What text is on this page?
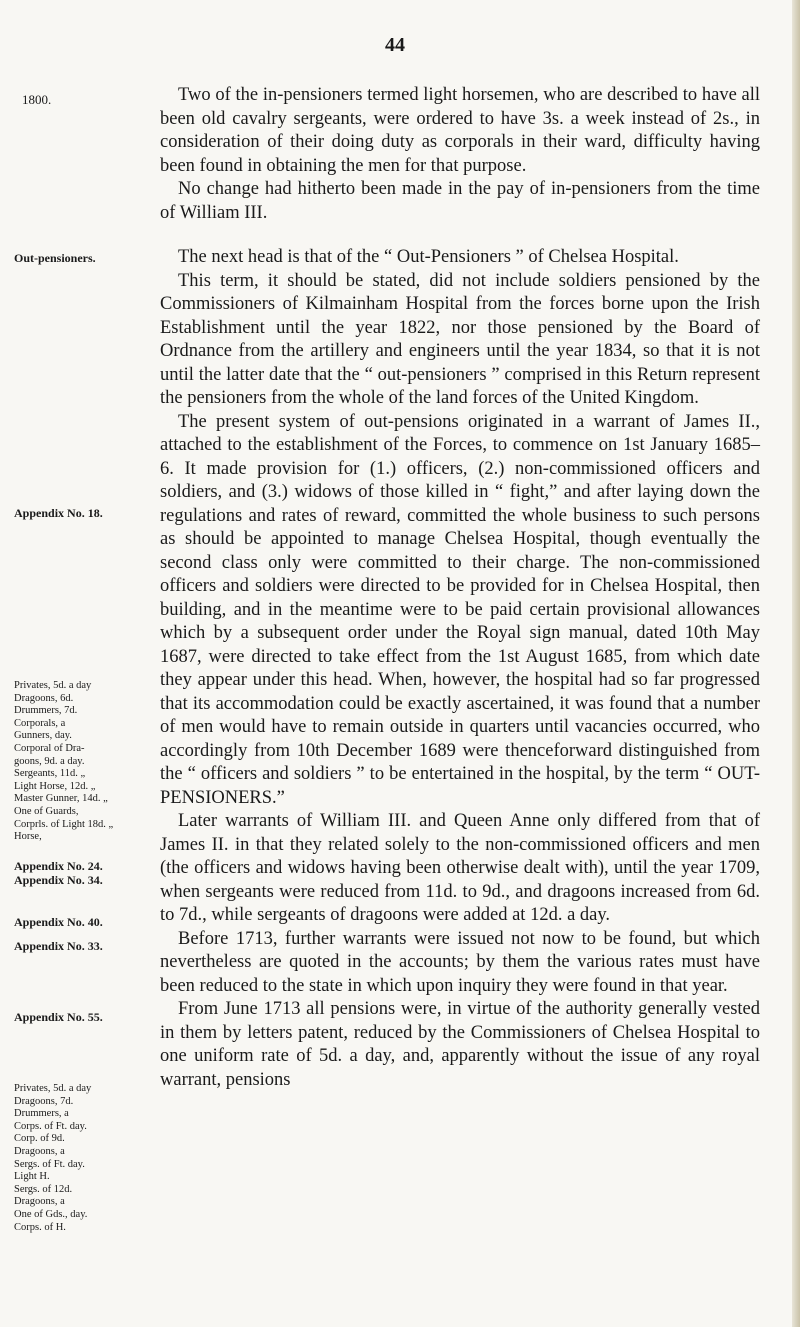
44
1800.
Out-pensioners.
Appendix No. 18.
Privates, 5d. a day
Dragoons, 6d.
Drummers, 7d.
Corporals, a
Gunners, day.
Corporal of Dra-
goons, 9d. a day.
Sergeants, 11d. „
Light Horse, 12d. „
Master Gunner, 14d. „
One of Guards,
Corprls. of Light 18d. „
Horse,
Appendix No. 24.
Appendix No. 34.
Appendix No. 40.
Appendix No. 33.
Appendix No. 55.
Privates, 5d. a day
Dragoons, 7d.
Drummers, a
Corps. of Ft. day.
Corp. of 9d.
Dragoons, a
Sergs. of Ft. day.
Light H.
Sergs. of 12d.
Dragoons, a
One of Gds., day.
Corps. of H.

Two of the in-pensioners termed light horsemen, who are described to have all been old cavalry sergeants, were ordered to have 3s. a week instead of 2s., in consideration of their doing duty as corporals in their ward, difficulty having been found in obtaining the men for that purpose.

No change had hitherto been made in the pay of in-pensioners from the time of William III.

The next head is that of the “ Out-Pensioners ” of Chelsea Hospital.

This term, it should be stated, did not include soldiers pensioned by the Commissioners of Kilmainham Hospital from the forces borne upon the Irish Establishment until the year 1822, nor those pensioned by the Board of Ordnance from the artillery and engineers until the year 1834, so that it is not until the latter date that the “ out-pensioners ” comprised in this Return represent the pensioners from the whole of the land forces of the United Kingdom.

The present system of out-pensions originated in a warrant of James II., attached to the establishment of the Forces, to commence on 1st January 1685–6. It made provision for (1.) officers, (2.) non-commissioned officers and soldiers, and (3.) widows of those killed in “ fight,” and after laying down the regulations and rates of reward, committed the whole business to such persons as should be appointed to manage Chelsea Hospital, though eventually the second class only were committed to their charge. The non-commissioned officers and soldiers were directed to be provided for in Chelsea Hospital, then building, and in the meantime were to be paid certain provisional allowances which by a subsequent order under the Royal sign manual, dated 10th May 1687, were directed to take effect from the 1st August 1685, from which date they appear under this head. When, however, the hospital had so far progressed that its accommodation could be exactly ascertained, it was found that a number of men would have to remain outside in quarters until vacancies occurred, who accordingly from 10th December 1689 were thenceforward distinguished from the “ officers and soldiers ” to be entertained in the hospital, by the term “ OUT-PENSIONERS.”

Later warrants of William III. and Queen Anne only differed from that of James II. in that they related solely to the non-commissioned officers and men (the officers and widows having been otherwise dealt with), until the year 1709, when sergeants were reduced from 11d. to 9d., and dragoons increased from 6d. to 7d., while sergeants of dragoons were added at 12d. a day.

Before 1713, further warrants were issued not now to be found, but which nevertheless are quoted in the accounts; by them the various rates must have been reduced to the state in which upon inquiry they were found in that year.

From June 1713 all pensions were, in virtue of the authority generally vested in them by letters patent, reduced by the Commissioners of Chelsea Hospital to one uniform rate of 5d. a day, and, apparently without the issue of any royal warrant, pensions
